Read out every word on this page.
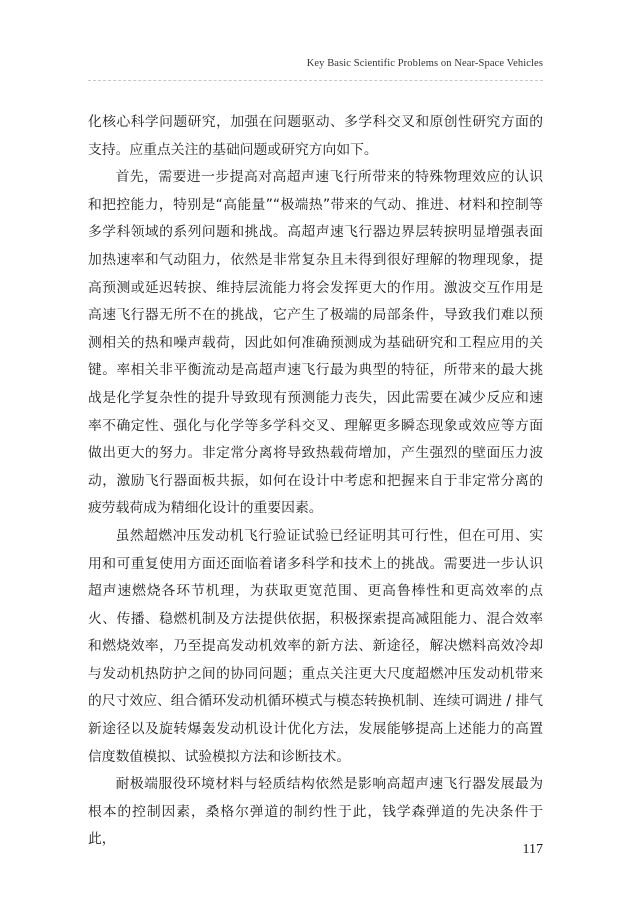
Key Basic Scientific Problems on Near-Space Vehicles

化核心科学问题研究，加强在问题驱动、多学科交叉和原创性研究方面的支持。应重点关注的基础问题或研究方向如下。

首先，需要进一步提高对高超声速飞行所带来的特殊物理效应的认识和把控能力，特别是“高能量”“极端热”带来的气动、推进、材料和控制等多学科领域的系列问题和挑战。高超声速飞行器边界层转捩明显增强表面加热速率和气动阻力，依然是非常复杂且未得到很好理解的物理现象，提高预测或延迟转捩、维持层流能力将会发挥更大的作用。激波交互作用是高速飞行器无所不在的挑战，它产生了极端的局部条件，导致我们难以预测相关的热和噪声载荷，因此如何准确预测成为基础研究和工程应用的关键。率相关非平衡流动是高超声速飞行最为典型的特征，所带来的最大挑战是化学复杂性的提升导致现有预测能力丧失，因此需要在减少反应和速率不确定性、强化与化学等多学科交叉、理解更多瞬态现象或效应等方面做出更大的努力。非定常分离将导致热载荷增加，产生强烈的壁面压力波动，激励飞行器面板共振，如何在设计中考虑和把握来自于非定常分离的疲劳载荷成为精细化设计的重要因素。

虽然超燃冲压发动机飞行验证试验已经证明其可行性，但在可用、实用和可重复使用方面还面临着诸多科学和技术上的挑战。需要进一步认识超声速燃烧各环节机理，为获取更宽范围、更高鲁棒性和更高效率的点火、传播、稳燃机制及方法提供依据，积极探索提高减阻能力、混合效率和燃烧效率，乃至提高发动机效率的新方法、新途径，解决燃料高效冷却与发动机热防护之间的协同问题；重点关注更大尺度超燃冲压发动机带来的尺寸效应、组合循环发动机循环模式与模态转换机制、连续可调进 / 排气新途径以及旋转爆轰发动机设计优化方法，发展能够提高上述能力的高置信度数值模拟、试验模拟方法和诊断技术。

耐极端服役环境材料与轻质结构依然是影响高超声速飞行器发展最为根本的控制因素，桑格尔弹道的制约性于此，钱学森弹道的先决条件于此，

117
